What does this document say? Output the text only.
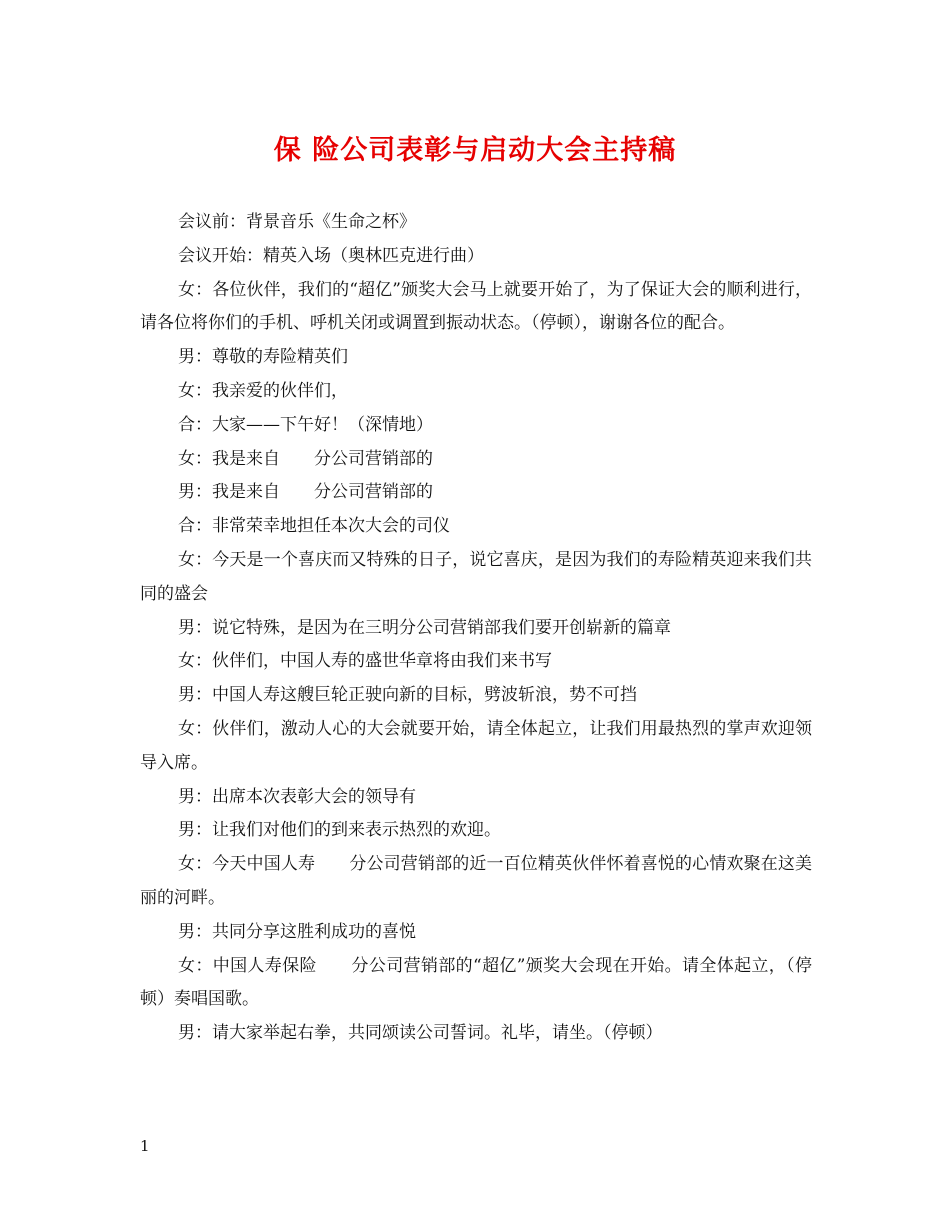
保 险公司表彰与启动大会主持稿

会议前：背景音乐《生命之杯》

会议开始：精英入场（奥林匹克进行曲）

女：各位伙伴，我们的“超亿”颁奖大会马上就要开始了，为了保证大会的顺利进行，请各位将你们的手机、呼机关闭或调置到振动状态。（停顿），谢谢各位的配合。

男：尊敬的寿险精英们

女：我亲爱的伙伴们，

合：大家——下午好！（深情地）

女：我是来自　　分公司营销部的

男：我是来自　　分公司营销部的

合：非常荣幸地担任本次大会的司仪

女：今天是一个喜庆而又特殊的日子，说它喜庆，是因为我们的寿险精英迎来我们共同的盛会

男：说它特殊，是因为在三明分公司营销部我们要开创崭新的篇章

女：伙伴们，中国人寿的盛世华章将由我们来书写

男：中国人寿这艘巨轮正驶向新的目标，劈波斩浪，势不可挡

女：伙伴们，激动人心的大会就要开始，请全体起立，让我们用最热烈的掌声欢迎领导入席。

男：出席本次表彰大会的领导有

男：让我们对他们的到来表示热烈的欢迎。

女：今天中国人寿　　分公司营销部的近一百位精英伙伴怀着喜悦的心情欢聚在这美丽的河畔。

男：共同分享这胜利成功的喜悦

女：中国人寿保险　　分公司营销部的“超亿”颁奖大会现在开始。请全体起立，（停顿）奏唱国歌。

男：请大家举起右拳，共同颂读公司誓词。礼毕，请坐。（停顿）

1
